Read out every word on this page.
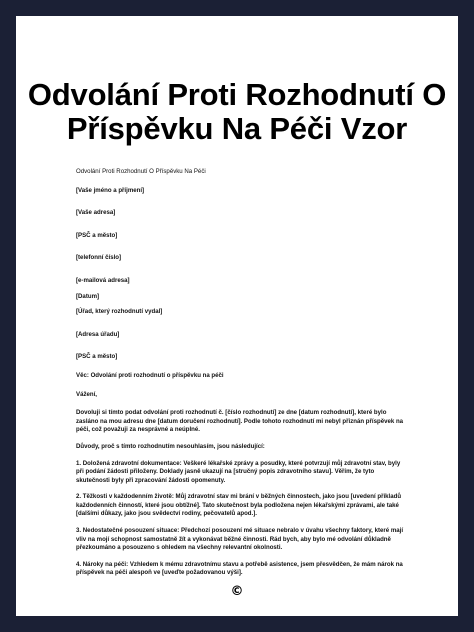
Odvolání Proti Rozhodnutí O
Příspěvku Na Péči Vzor

Odvolání Proti Rozhodnutí O Příspěvku Na Péči

[Vaše jméno a příjmení]

[Vaše adresa]

[PSČ a město]

[telefonní číslo]

[e-mailová adresa]

[Datum]

[Úřad, který rozhodnutí vydal]

[Adresa úřadu]

[PSČ a město]

Věc: Odvolání proti rozhodnutí o příspěvku na péči

Vážení,

Dovoluji si tímto podat odvolání proti rozhodnutí č. [číslo rozhodnutí] ze dne [datum rozhodnutí], které bylo zasláno na mou adresu dne [datum doručení rozhodnutí]. Podle tohoto rozhodnutí mi nebyl přiznán příspěvek na péči, což považuji za nesprávné a neúplné.

Důvody, proč s tímto rozhodnutím nesouhlasím, jsou následující:

1. Doložená zdravotní dokumentace: Veškeré lékařské zprávy a posudky, které potvrzují můj zdravotní stav, byly při podání žádosti přiloženy. Doklady jasně ukazují na [stručný popis zdravotního stavu]. Věřím, že tyto skutečnosti byly při zpracování žádosti opomenuty.

2. Těžkosti v každodenním životě: Můj zdravotní stav mi brání v běžných činnostech, jako jsou [uvedení příkladů každodenních činností, které jsou obtížné]. Tato skutečnost byla podložena nejen lékařskými zprávami, ale také [dalšími důkazy, jako jsou svědectví rodiny, pečovatelů apod.].

3. Nedostatečné posouzení situace: Předchozí posouzení mé situace nebralo v úvahu všechny faktory, které mají vliv na mojí schopnost samostatně žít a vykonávat běžné činnosti. Rád bych, aby bylo mé odvolání důkladně přezkoumáno a posouzeno s ohledem na všechny relevantní okolnosti.

4. Nároky na péči: Vzhledem k mému zdravotnímu stavu a potřebě asistence, jsem přesvědčen, že mám nárok na příspěvek na péči alespoň ve [uveďte požadovanou výši].

©
